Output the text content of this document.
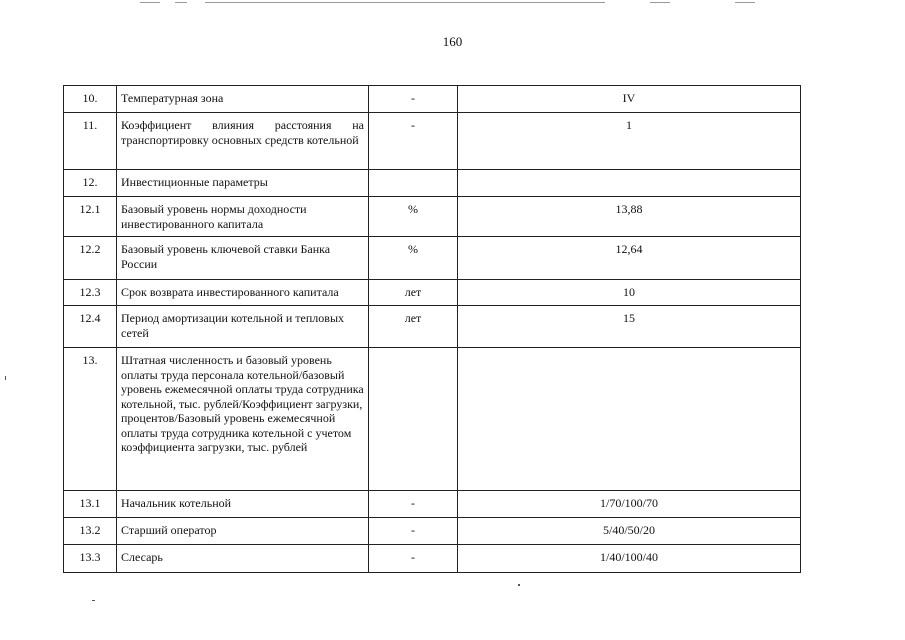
160
10.	Температурная зона	-	IV
11.	Коэффициент влияния расстояния на транспортировку основных средств котельной	-	1
12.	Инвестиционные параметры		
12.1	Базовый уровень нормы доходности инвестированного капитала	%	13,88
12.2	Базовый уровень ключевой ставки Банка России	%	12,64
12.3	Срок возврата инвестированного капитала	лет	10
12.4	Период амортизации котельной и тепловых сетей	лет	15
13.	Штатная численность и базовый уровень оплаты труда персонала котельной/базовый уровень ежемесячной оплаты труда сотрудника котельной, тыс. рублей/Коэффициент загрузки, процентов/Базовый уровень ежемесячной оплаты труда сотрудника котельной с учетом коэффициента загрузки, тыс. рублей		
13.1	Начальник котельной	-	1/70/100/70
13.2	Старший оператор	-	5/40/50/20
13.3	Слесарь	-	1/40/100/40
